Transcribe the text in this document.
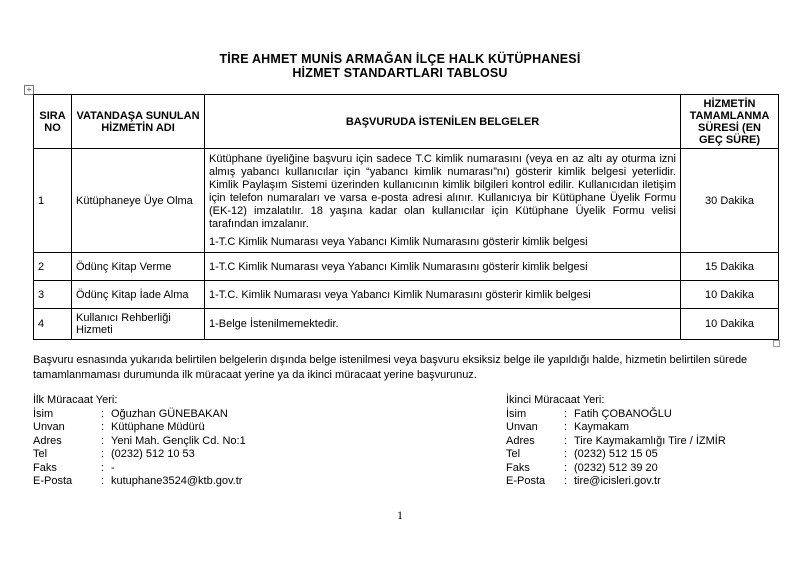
TİRE AHMET MUNİS ARMAĞAN İLÇE HALK KÜTÜPHANESİ
HİZMET STANDARTLARI TABLOSU
+
SIRA NO	VATANDAŞA SUNULAN HİZMETİN ADI	BAŞVURUDA İSTENİLEN BELGELER	HİZMETİN TAMAMLANMA SÜRESİ (EN GEÇ SÜRE)
1	Kütüphaneye Üye Olma	Kütüphane üyeliğine başvuru için sadece T.C kimlik numarasını (veya en az altı ay oturma izni almış yabancı kullanıcılar için “yabancı kimlik numarası”nı) gösterir kimlik belgesi yeterlidir. Kimlik Paylaşım Sistemi üzerinden kullanıcının kimlik bilgileri kontrol edilir. Kullanıcıdan iletişim için telefon numaraları ve varsa e-posta adresi alınır. Kullanıcıya bir Kütüphane Üyelik Formu (EK-12) imzalatılır. 18 yaşına kadar olan kullanıcılar için Kütüphane Üyelik Formu velisi tarafından imzalanır.
1-T.C Kimlik Numarası veya Yabancı Kimlik Numarasını gösterir kimlik belgesi	30 Dakika
2	Ödünç Kitap Verme	1-T.C Kimlik Numarası veya Yabancı Kimlik Numarasını gösterir kimlik belgesi	15 Dakika
3	Ödünç Kitap İade Alma	1-T.C. Kimlik Numarası veya Yabancı Kimlik Numarasını gösterir kimlik belgesi	10 Dakika
4	Kullanıcı Rehberliği Hizmeti	1-Belge İstenilmemektedir.	10 Dakika
Başvuru esnasında yukarıda belirtilen belgelerin dışında belge istenilmesi veya başvuru eksiksiz belge ile yapıldığı halde, hizmetin belirtilen sürede tamamlanmaması durumunda ilk müracaat yerine ya da ikinci müracaat yerine başvurunuz.
İlk Müracaat Yeri:
İsim	: Oğuzhan GÜNEBAKAN
Unvan	: Kütüphane Müdürü
Adres	: Yeni Mah. Gençlik Cd. No:1
Tel	: (0232) 512 10 53
Faks	: -
E-Posta	: kutuphane3524@ktb.gov.tr
İkinci Müracaat Yeri:
İsim	: Fatih ÇOBANOĞLU
Unvan	: Kaymakam
Adres	: Tire Kaymakamlığı Tire / İZMİR
Tel	: (0232) 512 15 05
Faks	: (0232) 512 39 20
E-Posta	: tire@icisleri.gov.tr
1
